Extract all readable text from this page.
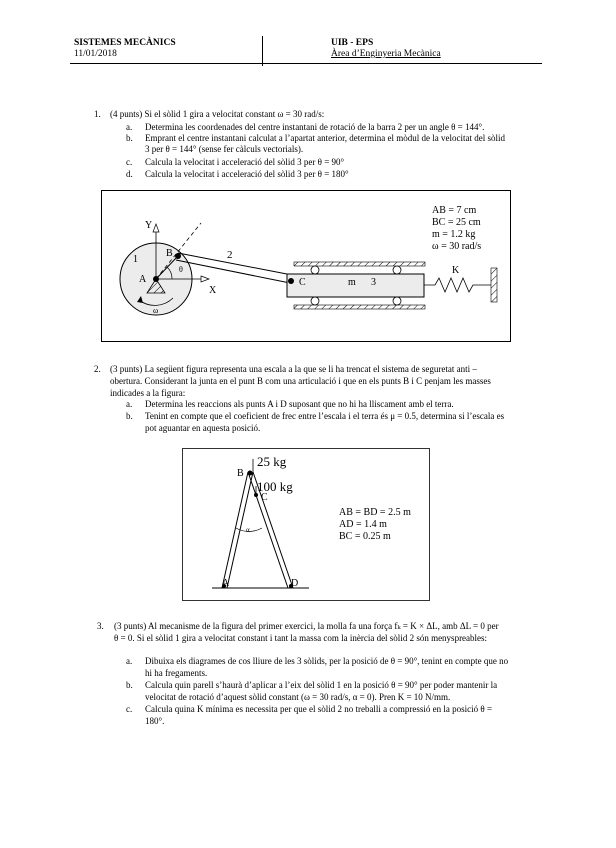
SISTEMES MECÀNICS
11/01/2018
UIB - EPS
Àrea d’Enginyeria Mecànica
1. (4 punts) Si el sòlid 1 gira a velocitat constant ω = 30 rad/s:
a. Determina les coordenades del centre instantani de rotació de la barra 2 per un angle θ = 144°.
b. Emprant el centre instantani calculat a l’apartat anterior, determina el mòdul de la velocitat del sòlid
3 per θ = 144° (sense fer càlculs vectorials).
c. Calcula la velocitat i acceleració del sòlid 3 per θ = 90°
d. Calcula la velocitat i acceleració del sòlid 3 per θ = 180°
Y
X
A
1
B	2
θ
ω
C	m 3
K
AB = 7 cm
BC = 25 cm
m = 1.2 kg
ω = 30 rad/s
2. (3 punts) La següent figura representa una escala a la que se li ha trencat el sistema de seguretat anti –
obertura. Considerant la junta en el punt B com una articulació i que en els punts B i C penjam les masses
indicades a la figura:
a. Determina les reaccions als punts A i D suposant que no hi ha lliscament amb el terra.
b. Tenint en compte que el coeficient de frec entre l’escala i el terra és μ = 0.5, determina si l’escala es
pot aguantar en aquesta posició.
α
B
C
A	D
25 kg
100 kg
AB = BD = 2.5 m
AD = 1.4 m
BC = 0.25 m
3. (3 punts) Al mecanisme de la figura del primer exercici, la molla fa una força fₖ = K × ΔL, amb ΔL = 0 per
θ = 0. Si el sòlid 1 gira a velocitat constant i tant la massa com la inèrcia del sòlid 2 són menyspreables:
a. Dibuixa els diagrames de cos lliure de les 3 sòlids, per la posició de θ = 90°, tenint en compte que no
hi ha fregaments.
b. Calcula quin parell s’haurà d’aplicar a l’eix del sòlid 1 en la posició θ = 90° per poder mantenir la
velocitat de rotació d’aquest sòlid constant (ω = 30 rad/s, α = 0). Pren K = 10 N/mm.
c. Calcula quina K mínima es necessita per que el sòlid 2 no treballi a compressió en la posició θ =
180°.
